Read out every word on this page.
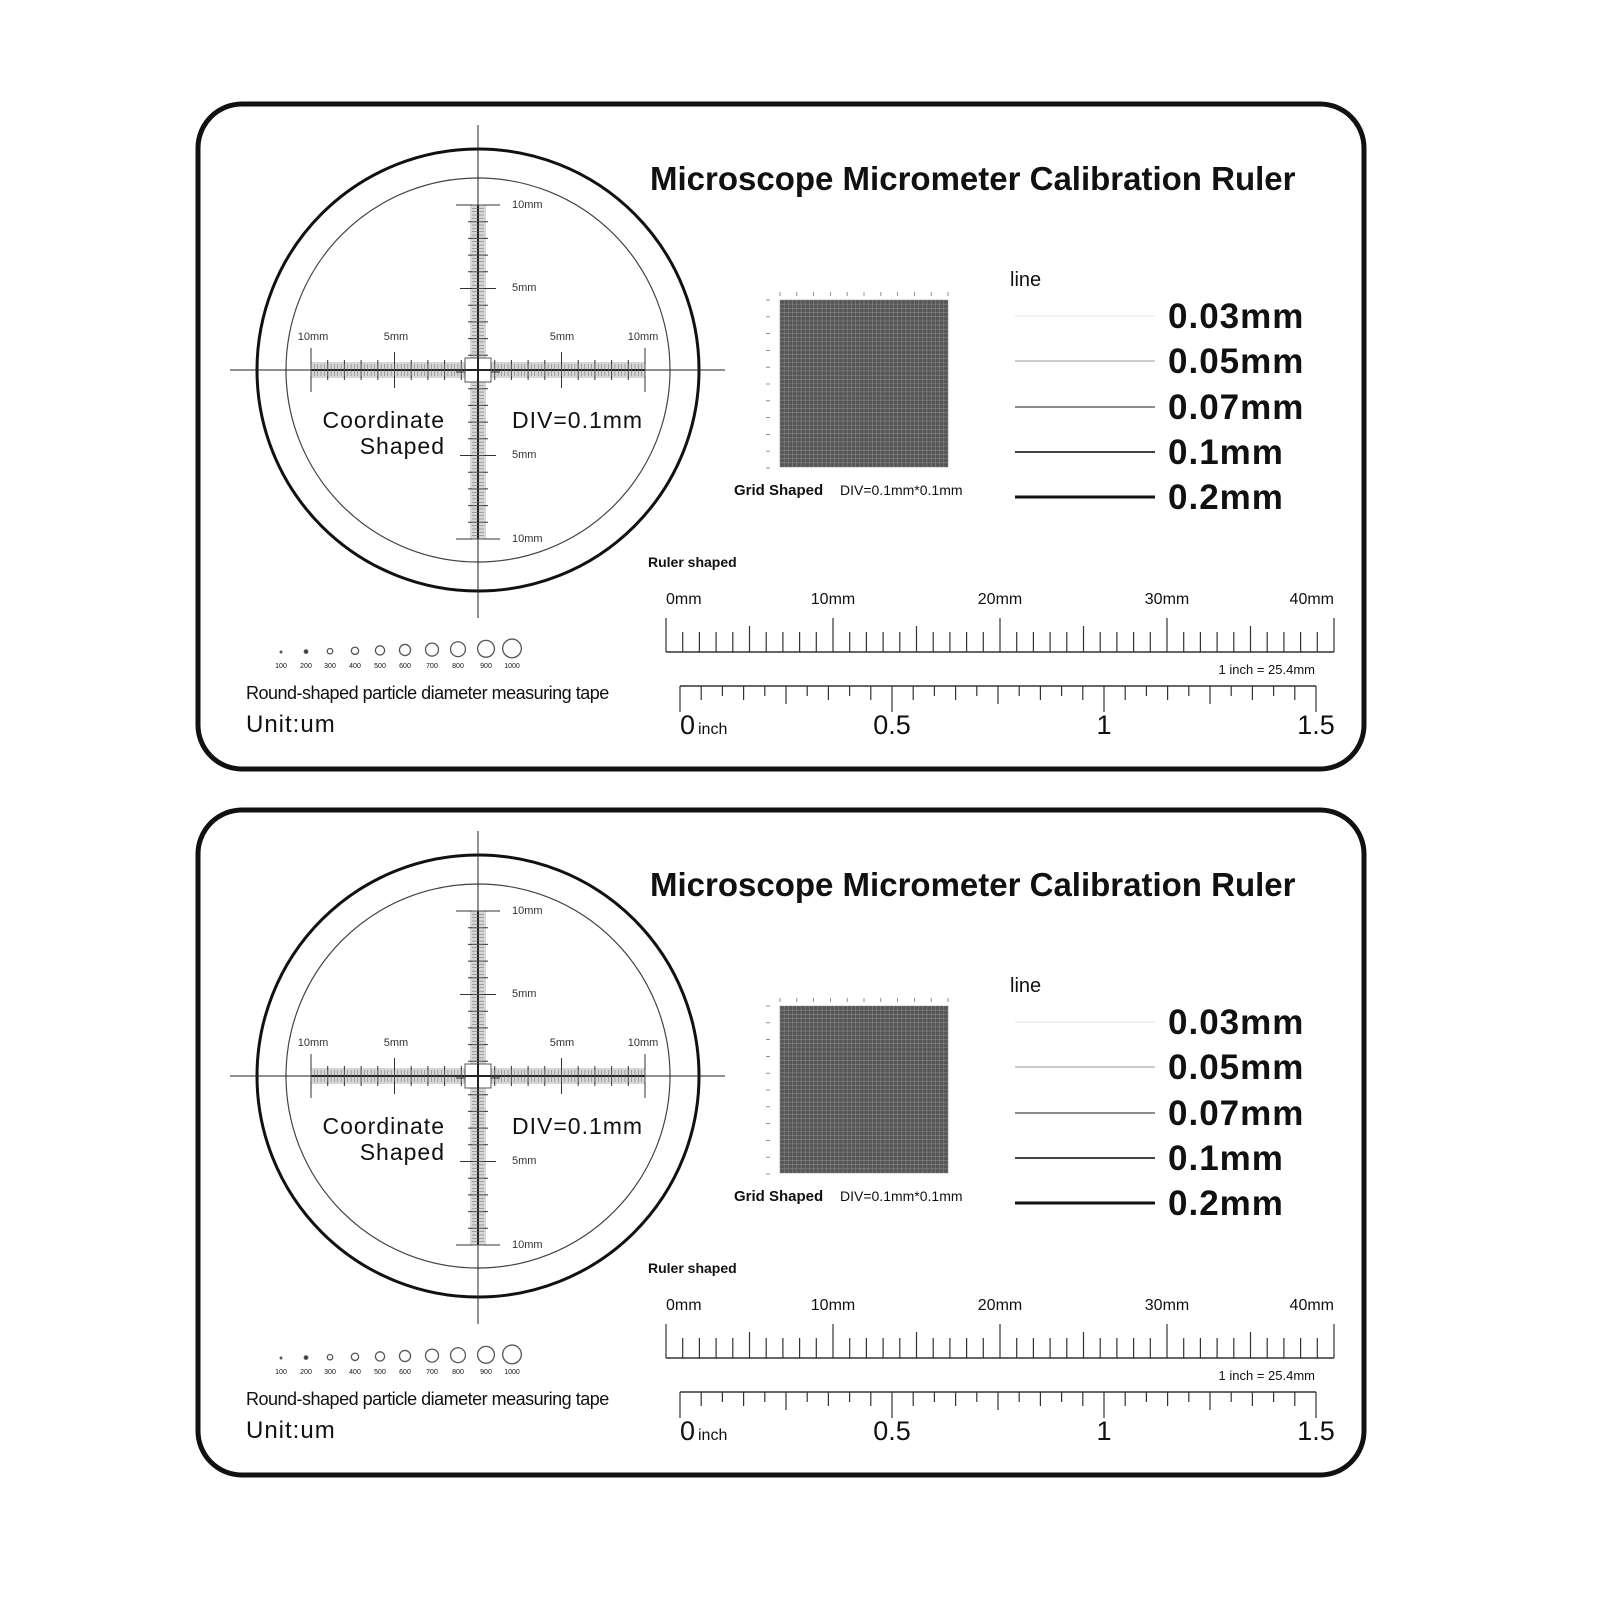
10mm	5mm	5mm	10mm
10mm
5mm
5mm
10mm
Coordinate
Shaped
DIV=0.1mm
Microscope Micrometer Calibration Ruler
Grid Shaped DIV=0.1mm*0.1mm
line
0.03mm
0.05mm
0.07mm
0.1mm
0.2mm
Ruler shaped
0mm	10mm	20mm	30mm	40mm
1 inch = 25.4mm
0	0.5	1	1.5
inch
100 200 300 400 500 600 700 800 900 1000
Round-shaped particle diameter measuring tape
Unit:um
10mm	5mm	5mm	10mm
10mm
5mm
5mm
10mm
Coordinate
Shaped
DIV=0.1mm
Microscope Micrometer Calibration Ruler
Grid Shaped DIV=0.1mm*0.1mm
line
0.03mm
0.05mm
0.07mm
0.1mm
0.2mm
Ruler shaped
0mm	10mm	20mm	30mm	40mm
1 inch = 25.4mm
0	0.5	1	1.5
inch
100 200 300 400 500 600 700 800 900 1000
Round-shaped particle diameter measuring tape
Unit:um
